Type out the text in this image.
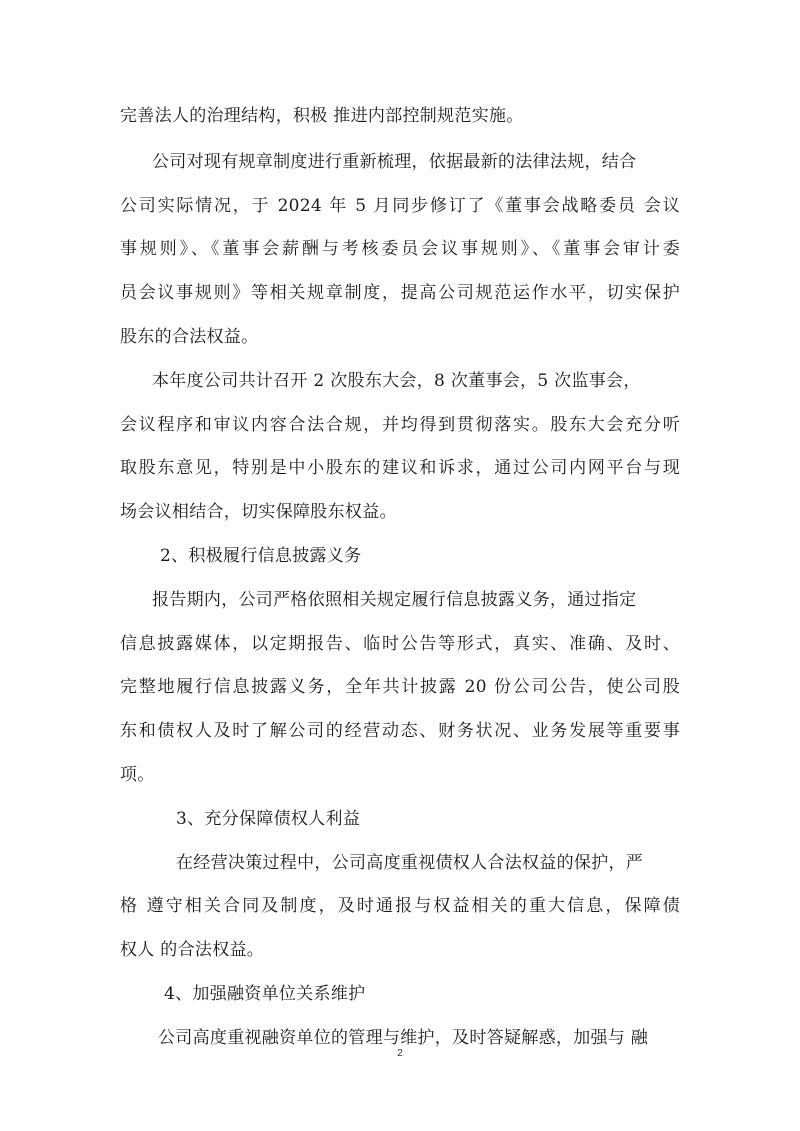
完善法人的治理结构，积极 推进内部控制规范实施。
公司对现有规章制度进行重新梳理，依据最新的法律法规，结合
公司实际情况，于 2024 年 5 月同步修订了《董事会战略委员 会议
事规则》、《董事会薪酬与考核委员会议事规则》、《董事会审计委
员会议事规则》等相关规章制度，提高公司规范运作水平，切实保护
股东的合法权益。
本年度公司共计召开 2 次股东大会，8 次董事会，5 次监事会，
会议程序和审议内容合法合规，并均得到贯彻落实。股东大会充分听
取股东意见，特别是中小股东的建议和诉求，通过公司内网平台与现
场会议相结合，切实保障股东权益。
2、积极履行信息披露义务
报告期内，公司严格依照相关规定履行信息披露义务，通过指定
信息披露媒体，以定期报告、临时公告等形式，真实、准确、及时、
完整地履行信息披露义务，全年共计披露 20 份公司公告，使公司股
东和债权人及时了解公司的经营动态、财务状况、业务发展等重要事
项。
3、充分保障债权人利益
在经营决策过程中，公司高度重视债权人合法权益的保护，严
格 遵守相关合同及制度，及时通报与权益相关的重大信息，保障债
权人 的合法权益。
4、加强融资单位关系维护
公司高度重视融资单位的管理与维护，及时答疑解惑，加强与 融
2
